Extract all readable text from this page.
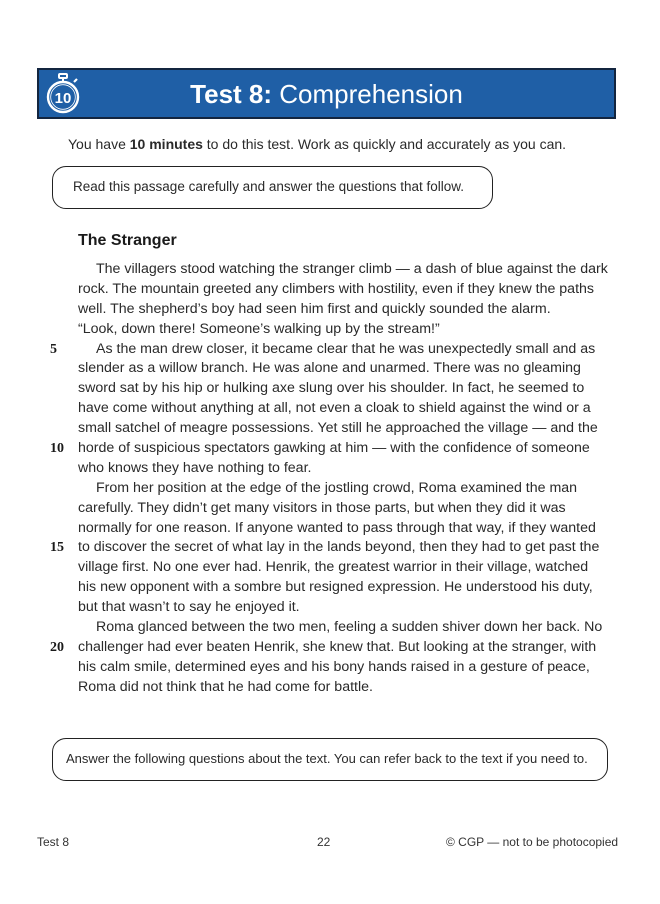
10	Test 8: Comprehension
You have 10 minutes to do this test. Work as quickly and accurately as you can.
Read this passage carefully and answer the questions that follow.
The Stranger
The villagers stood watching the stranger climb — a dash of blue against the dark
rock. The mountain greeted any climbers with hostility, even if they knew the paths
well. The shepherd’s boy had seen him first and quickly sounded the alarm.
“Look, down there! Someone’s walking up by the stream!”
5	As the man drew closer, it became clear that he was unexpectedly small and as
slender as a willow branch. He was alone and unarmed. There was no gleaming
sword sat by his hip or hulking axe slung over his shoulder. In fact, he seemed to
have come without anything at all, not even a cloak to shield against the wind or a
small satchel of meagre possessions. Yet still he approached the village — and the
10 horde of suspicious spectators gawking at him — with the confidence of someone
who knows they have nothing to fear.
From her position at the edge of the jostling crowd, Roma examined the man
carefully. They didn’t get many visitors in those parts, but when they did it was
normally for one reason. If anyone wanted to pass through that way, if they wanted
15 to discover the secret of what lay in the lands beyond, then they had to get past the
village first. No one ever had. Henrik, the greatest warrior in their village, watched
his new opponent with a sombre but resigned expression. He understood his duty,
but that wasn’t to say he enjoyed it.
Roma glanced between the two men, feeling a sudden shiver down her back. No
20 challenger had ever beaten Henrik, she knew that. But looking at the stranger, with
his calm smile, determined eyes and his bony hands raised in a gesture of peace,
Roma did not think that he had come for battle.
Answer the following questions about the text. You can refer back to the text if you need to.
Test 8	22	© CGP — not to be photocopied
